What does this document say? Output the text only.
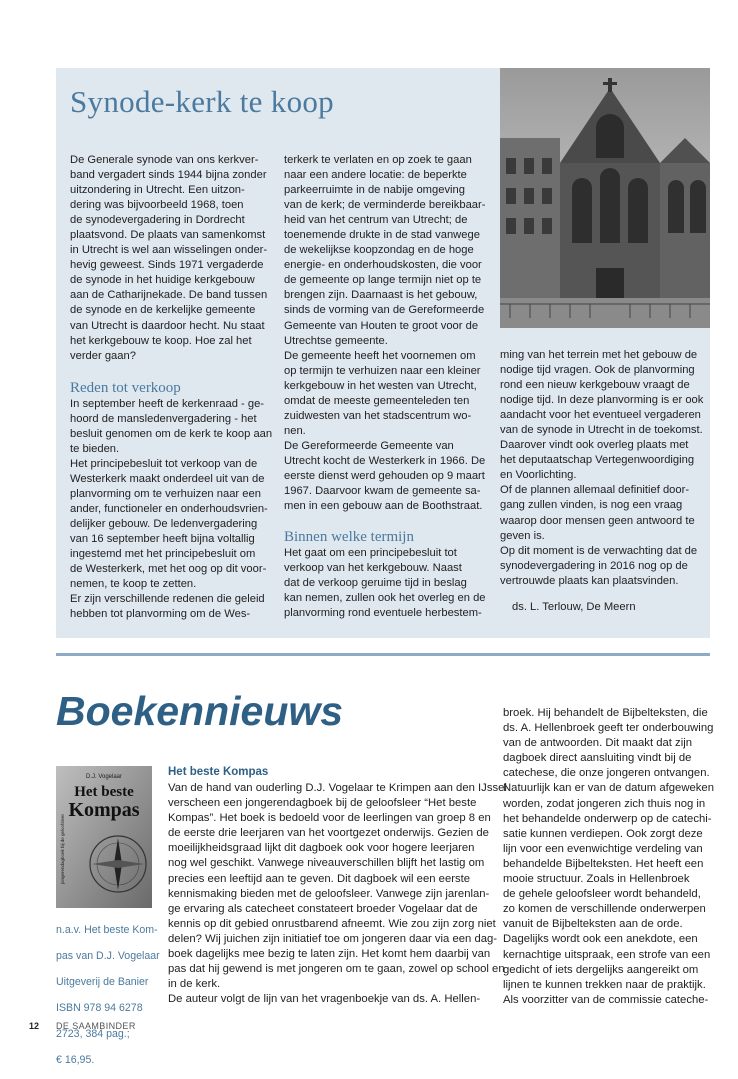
Synode-kerk te koop

De Generale synode van ons kerkver-

band vergadert sinds 1944 bijna zonder

uitzondering in Utrecht. Een uitzon-

dering was bijvoorbeeld 1968, toen

de synodevergadering in Dordrecht

plaatsvond. De plaats van samenkomst

in Utrecht is wel aan wisselingen onder-

hevig geweest. Sinds 1971 vergaderde

de synode in het huidige kerkgebouw

aan de Catharijnekade. De band tussen

de synode en de kerkelijke gemeente

van Utrecht is daardoor hecht. Nu staat

het kerkgebouw te koop. Hoe zal het

verder gaan?

Reden tot verkoop

In september heeft de kerkenraad - ge-

hoord de mansledenvergadering - het

besluit genomen om de kerk te koop aan

te bieden.

Het principebesluit tot verkoop van de

Westerkerk maakt onderdeel uit van de

planvorming om te verhuizen naar een

ander, functioneler en onderhoudsvrien-

delijker gebouw. De ledenvergadering

van 16 september heeft bijna voltallig

ingestemd met het principebesluit om

de Westerkerk, met het oog op dit voor-

nemen, te koop te zetten.

Er zijn verschillende redenen die geleid

hebben tot planvorming om de Wes-

terkerk te verlaten en op zoek te gaan

naar een andere locatie: de beperkte

parkeerruimte in de nabije omgeving

van de kerk; de verminderde bereikbaar-

heid van het centrum van Utrecht; de

toenemende drukte in de stad vanwege

de wekelijkse koopzondag en de hoge

energie- en onderhoudskosten, die voor

de gemeente op lange termijn niet op te

brengen zijn. Daarnaast is het gebouw,

sinds de vorming van de Gereformeerde

Gemeente van Houten te groot voor de

Utrechtse gemeente.

De gemeente heeft het voornemen om

op termijn te verhuizen naar een kleiner

kerkgebouw in het westen van Utrecht,

omdat de meeste gemeenteleden ten

zuidwesten van het stadscentrum wo-

nen.

De Gereformeerde Gemeente van

Utrecht kocht de Westerkerk in 1966. De

eerste dienst werd gehouden op 9 maart

1967. Daarvoor kwam de gemeente sa-

men in een gebouw aan de Boothstraat.

Binnen welke termijn

Het gaat om een principebesluit tot

verkoop van het kerkgebouw. Naast

dat de verkoop geruime tijd in beslag

kan nemen, zullen ook het overleg en de

planvorming rond eventuele herbestem-

ming van het terrein met het gebouw de

nodige tijd vragen. Ook de planvorming

rond een nieuw kerkgebouw vraagt de

nodige tijd. In deze planvorming is er ook

aandacht voor het eventueel vergaderen

van de synode in Utrecht in de toekomst.

Daarover vindt ook overleg plaats met

het deputaatschap Vertegenwoordiging

en Voorlichting.

Of de plannen allemaal definitief door-

gang zullen vinden, is nog een vraag

waarop door mensen geen antwoord te

geven is.

Op dit moment is de verwachting dat de

synodevergadering in 2016 nog op de

vertrouwde plaats kan plaatsvinden.

ds. L. Terlouw, De Meern
Boekennieuws
D.J. Vogelaar
Het beste
Kompas
jongerendagboek bij de geloofsleer

n.a.v. Het beste Kom-

pas van D.J. Vogelaar

Uitgeverij de Banier

ISBN 978 94 6278

2723, 384 pag.;

€ 16,95.

Het beste Kompas

Van de hand van ouderling D.J. Vogelaar te Krimpen aan den IJssel

verscheen een jongerendagboek bij de geloofsleer “Het beste

Kompas”. Het boek is bedoeld voor de leerlingen van groep 8 en

de eerste drie leerjaren van het voortgezet onderwijs. Gezien de

moeilijkheidsgraad lijkt dit dagboek ook voor hogere leerjaren

nog wel geschikt. Vanwege niveauverschillen blijft het lastig om

precies een leeftijd aan te geven. Dit dagboek wil een eerste

kennismaking bieden met de geloofsleer. Vanwege zijn jarenlan-

ge ervaring als catecheet constateert broeder Vogelaar dat de

kennis op dit gebied onrustbarend afneemt. Wie zou zijn zorg niet

delen? Wij juichen zijn initiatief toe om jongeren daar via een dag-

boek dagelijks mee bezig te laten zijn. Het komt hem daarbij van

pas dat hij gewend is met jongeren om te gaan, zowel op school en

in de kerk.

De auteur volgt de lijn van het vragenboekje van ds. A. Hellen-

broek. Hij behandelt de Bijbelteksten, die

ds. A. Hellenbroek geeft ter onderbouwing

van de antwoorden. Dit maakt dat zijn

dagboek direct aansluiting vindt bij de

catechese, die onze jongeren ontvangen.

Natuurlijk kan er van de datum afgeweken

worden, zodat jongeren zich thuis nog in

het behandelde onderwerp op de catechi-

satie kunnen verdiepen. Ook zorgt deze

lijn voor een evenwichtige verdeling van

behandelde Bijbelteksten. Het heeft een

mooie structuur. Zoals in Hellenbroek

de gehele geloofsleer wordt behandeld,

zo komen de verschillende onderwerpen

vanuit de Bijbelteksten aan de orde.

Dagelijks wordt ook een anekdote, een

kernachtige uitspraak, een strofe van een

gedicht of iets dergelijks aangereikt om

lijnen te kunnen trekken naar de praktijk.

Als voorzitter van de commissie cateche-

12 DE SAAMBINDER
